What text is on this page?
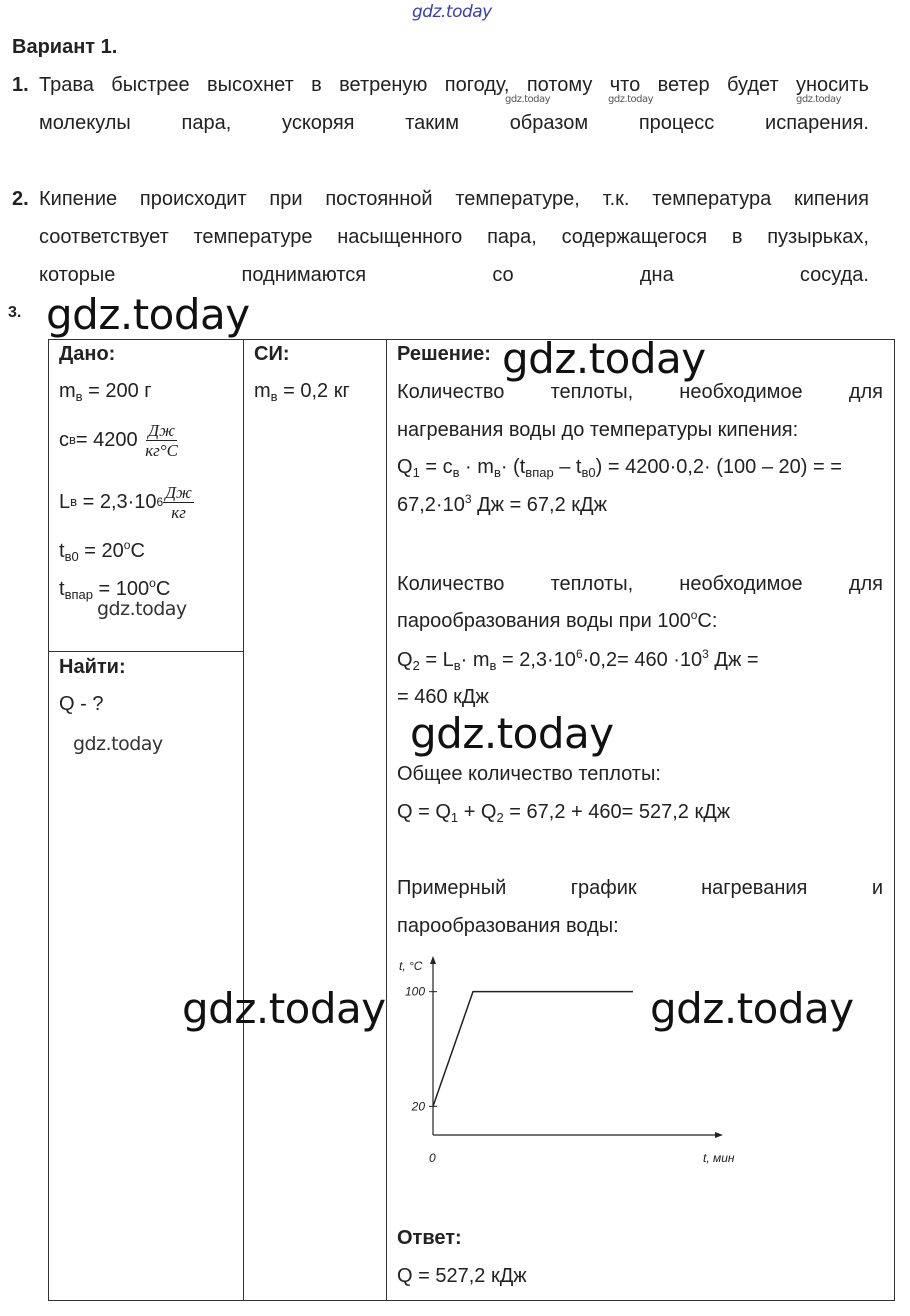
gdz.today
Вариант 1.
1. Трава быстрее высохнет в ветреную погоду, потому что ветер будет уносить
молекулы	пара,	ускоряя	таким	образом	процесс	испарения.
gdz.today	gdz.today	gdz.today
2. Кипение происходит при постоянной температуре, т.к. температура кипения
соответствует температуре насыщенного пара, содержащегося в пузырьках,
которые	поднимаются	со	дна	сосуда.
3. gdz.today
Дано:
$m_в = 200$ г
c $в = 4200 \frac{Дж}{кг^\circ C}$
L в = 2,3·10 $6 \frac{Дж}{кг}$
$t_{в0} = 20^oC$
$t_{впар} = 100^oC$
gdz.today
Найти:
Q - ?
gdz.today
СИ:
$m_в = 0,2$ кг
Решение: gdz.today
Количество теплоты, необходимое для
нагревания воды до температуры кипения:
$Q_1 = c_в \cdot m_в\cdot (t_{впар} - t_{в0}) = 4200\cdot 0,2\cdot (100 - 20)$ = =
$67,2\cdot 10^3$ Дж = 67,2 кДж
Количество теплоты, необходимое для
парообразования воды при 100$^o$C:
$Q_2 = L_в\cdot m_в = 2,3\cdot 10^6\cdot 0,2= 460 \cdot 10^3$ Дж =
= 460 кДж
gdz.today
Общее количество теплоты:
$Q = Q_1 + Q_2 = 67,2 + 460= 527,2$ кДж
Примерный	график	нагревания	и
парообразования воды:
t, °C
t, мин
0
20
100
gdz.today	gdz.today
Ответ:
Q = 527,2 кДж
